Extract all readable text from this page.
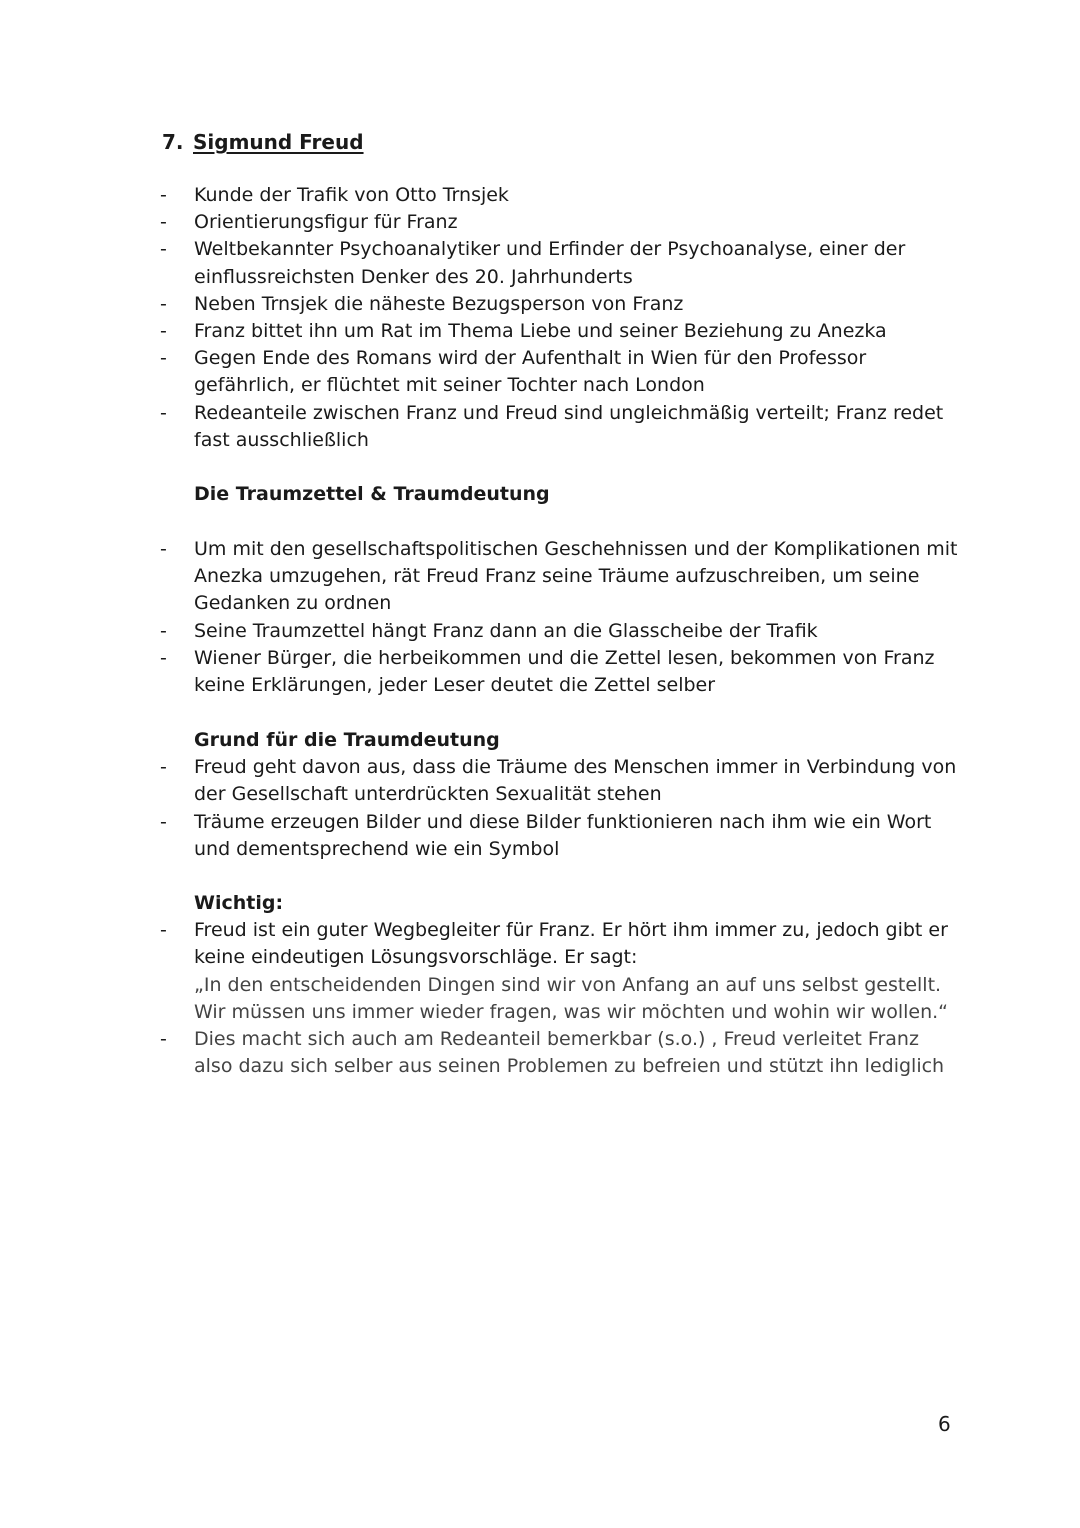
7. Sigmund Freud
- Kunde der Trafik von Otto Trnsjek
- Orientierungsfigur für Franz
- Weltbekannter Psychoanalytiker und Erfinder der Psychoanalyse, einer der einflussreichsten Denker des 20. Jahrhunderts
- Neben Trnsjek die näheste Bezugsperson von Franz
- Franz bittet ihn um Rat im Thema Liebe und seiner Beziehung zu Anezka
- Gegen Ende des Romans wird der Aufenthalt in Wien für den Professor gefährlich, er flüchtet mit seiner Tochter nach London
- Redeanteile zwischen Franz und Freud sind ungleichmäßig verteilt; Franz redet fast ausschließlich
Die Traumzettel & Traumdeutung
- Um mit den gesellschaftspolitischen Geschehnissen und der Komplikationen mit Anezka umzugehen, rät Freud Franz seine Träume aufzuschreiben, um seine Gedanken zu ordnen
- Seine Traumzettel hängt Franz dann an die Glasscheibe der Trafik
- Wiener Bürger, die herbeikommen und die Zettel lesen, bekommen von Franz keine Erklärungen, jeder Leser deutet die Zettel selber
Grund für die Traumdeutung
- Freud geht davon aus, dass die Träume des Menschen immer in Verbindung von der Gesellschaft unterdrückten Sexualität stehen
- Träume erzeugen Bilder und diese Bilder funktionieren nach ihm wie ein Wort und dementsprechend wie ein Symbol
Wichtig:
- Freud ist ein guter Wegbegleiter für Franz. Er hört ihm immer zu, jedoch gibt er keine eindeutigen Lösungsvorschläge. Er sagt:
„In den entscheidenden Dingen sind wir von Anfang an auf uns selbst gestellt. Wir müssen uns immer wieder fragen, was wir möchten und wohin wir wollen.“
- Dies macht sich auch am Redeanteil bemerkbar (s.o.) , Freud verleitet Franz also dazu sich selber aus seinen Problemen zu befreien und stützt ihn lediglich
6
